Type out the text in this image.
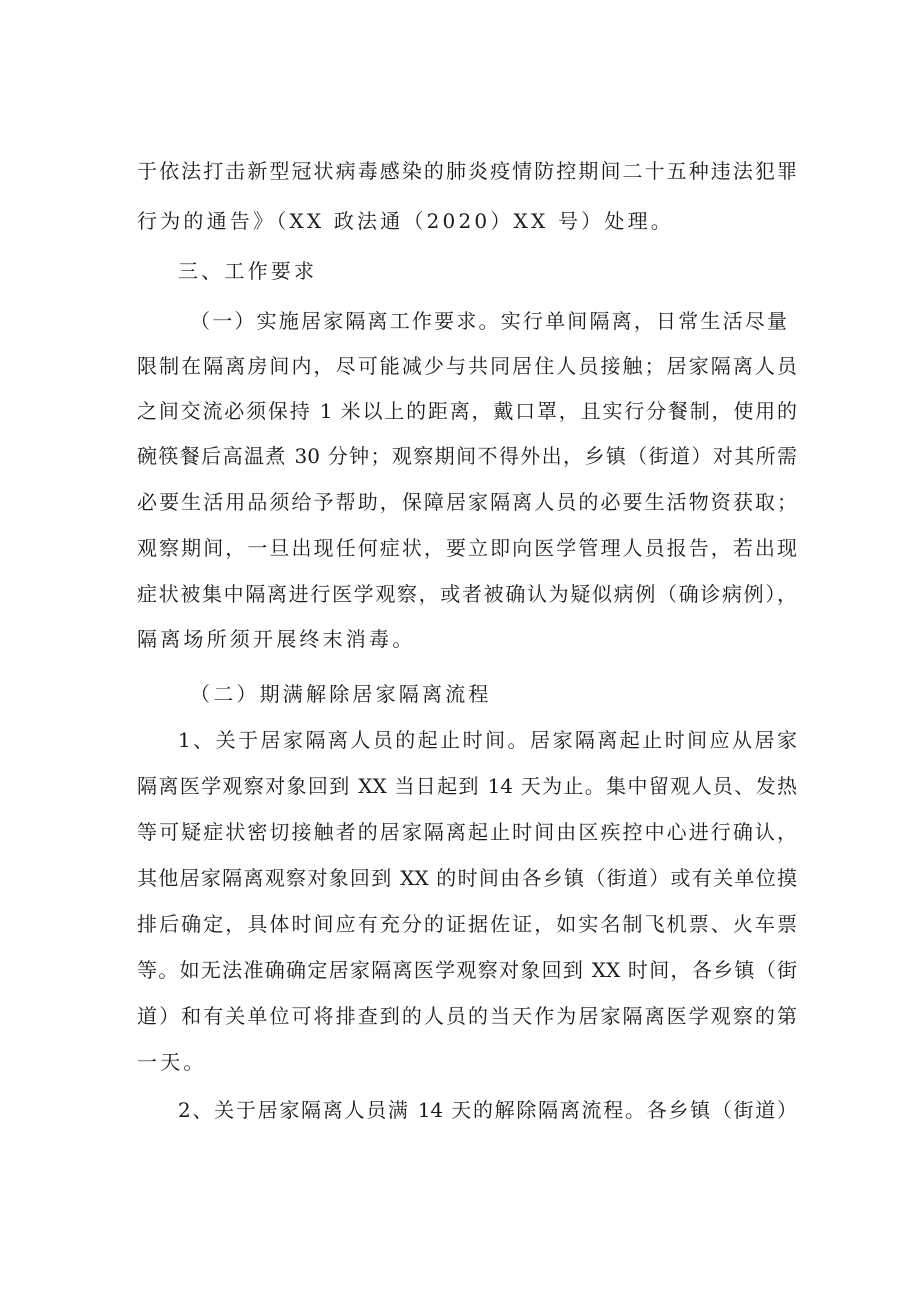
于依法打击新型冠状病毒感染的肺炎疫情防控期间二十五种违法犯罪
行为的通告》（XX 政法通（2020）XX 号）处理。
三、工作要求
（一）实施居家隔离工作要求。实行单间隔离，日常生活尽量
限制在隔离房间内，尽可能减少与共同居住人员接触；居家隔离人员
之间交流必须保持 1 米以上的距离，戴口罩，且实行分餐制，使用的
碗筷餐后高温煮 30 分钟；观察期间不得外出，乡镇（街道）对其所需
必要生活用品须给予帮助，保障居家隔离人员的必要生活物资获取；
观察期间，一旦出现任何症状，要立即向医学管理人员报告，若出现
症状被集中隔离进行医学观察，或者被确认为疑似病例（确诊病例），
隔离场所须开展终末消毒。
（二）期满解除居家隔离流程
1、关于居家隔离人员的起止时间。居家隔离起止时间应从居家
隔离医学观察对象回到 XX 当日起到 14 天为止。集中留观人员、发热
等可疑症状密切接触者的居家隔离起止时间由区疾控中心进行确认，
其他居家隔离观察对象回到 XX 的时间由各乡镇（街道）或有关单位摸
排后确定，具体时间应有充分的证据佐证，如实名制飞机票、火车票
等。如无法准确确定居家隔离医学观察对象回到 XX 时间，各乡镇（街
道）和有关单位可将排查到的人员的当天作为居家隔离医学观察的第
一天。
2、关于居家隔离人员满 14 天的解除隔离流程。各乡镇（街道）
